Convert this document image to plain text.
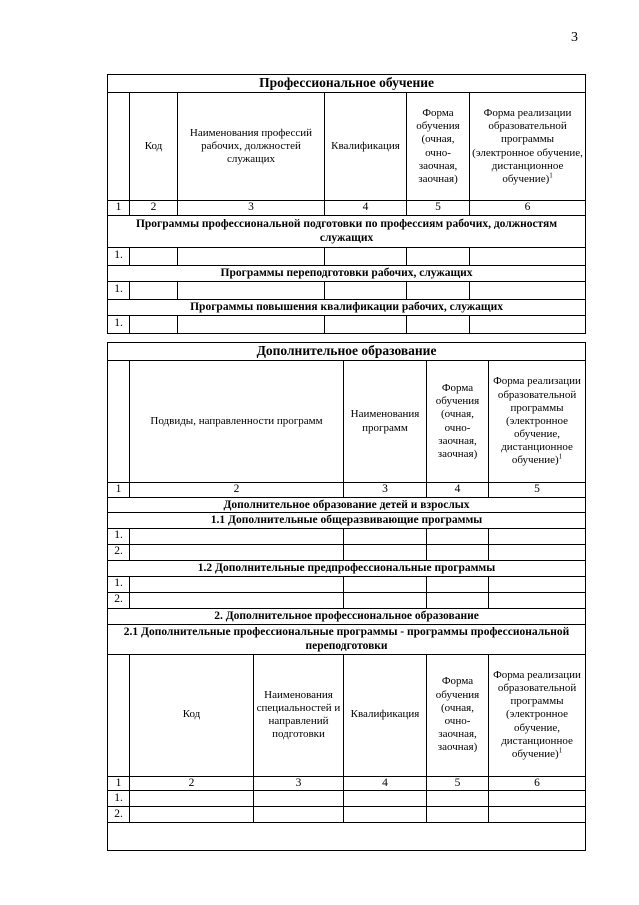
3
Профессиональное обучение					
	Код	Наименования профессий рабочих, должностей служащих	Квалификация	Форма обучения (очная, очно-заочная, заочная)	Форма реализации образовательной программы (электронное обучение, дистанционное обучение)$^1$
1	2	3	4	5	6
Программы профессиональной подготовки по профессиям рабочих, должностям служащих					
1.					
Программы переподготовки рабочих, служащих					
1.					
Программы повышения квалификации рабочих, служащих					
1.					
Дополнительное образование					
	Подвиды, направленности программ		Наименования программ	Форма обучения (очная, очно-заочная, заочная)	Форма реализации образовательной программы (электронное обучение, дистанционное обучение)$^1$
1	2		3	4	5
Дополнительное образование детей и взрослых					
1.1 Дополнительные общеразвивающие программы					
1.					
2.					
1.2 Дополнительные предпрофессиональные программы					
1.					
2.					
2. Дополнительное профессиональное образование					
2.1 Дополнительные профессиональные программы - программы профессиональной переподготовки					
	Код	Наименования специальностей и направлений подготовки	Квалификация	Форма обучения (очная, очно-заочная, заочная)	Форма реализации образовательной программы (электронное обучение, дистанционное обучение)$^1$
1	2	3	4	5	6
1.					
2.					
